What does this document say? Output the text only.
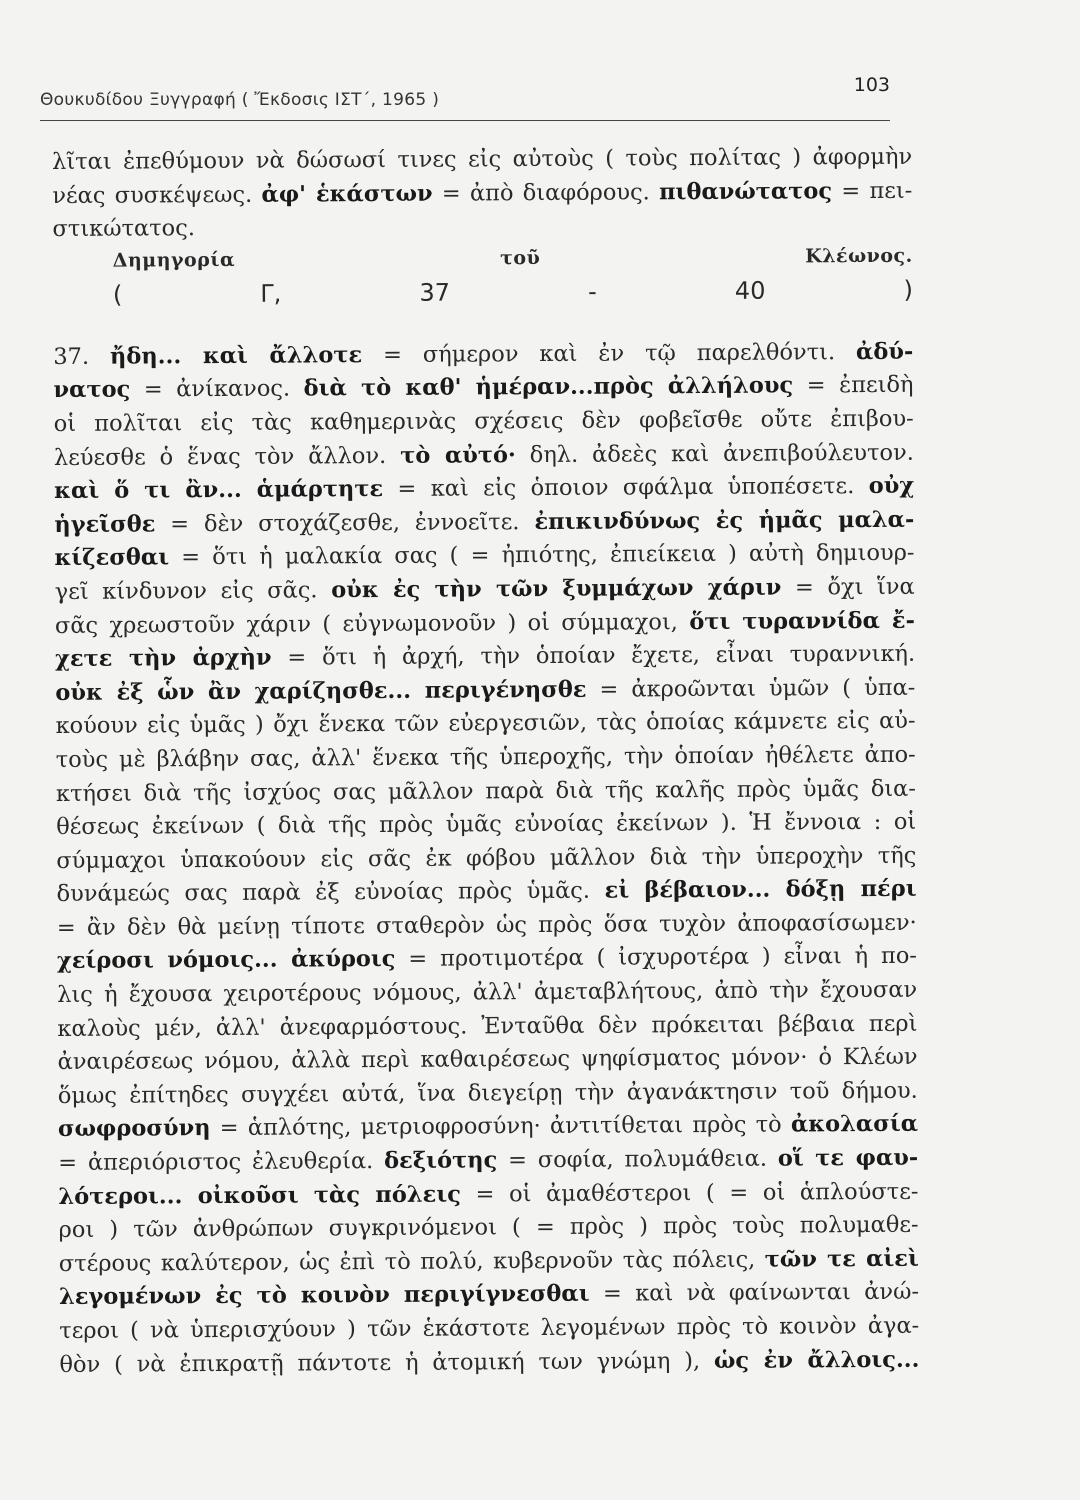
Θουκυδίδου Ξυγγραφή ( Ἔκδοσις ΙΣΤ΄, 1965 )
103
λῖται ἐπεθύμουν νὰ δώσωσί τινες εἰς αὐτοὺς ( τοὺς πολίτας ) ἀφορμὴν
νέας συσκέψεως. ἀφ' ἑκάστων = ἀπὸ διαφόρους. πιθανώτατος = πει-
στικώτατος.
Δημηγορία τοῦ Κλέωνος.
( Γ, 37 - 40 )
37. ἤδη... καὶ ἄλλοτε = σήμερον καὶ ἐν τῷ παρελθόντι. ἀδύ-
νατος = ἀνίκανος. διὰ τὸ καθ' ἡμέραν...πρὸς ἀλλήλους = ἐπειδὴ
οἱ πολῖται εἰς τὰς καθημερινὰς σχέσεις δὲν φοβεῖσθε οὔτε ἐπιβου-
λεύεσθε ὁ ἕνας τὸν ἄλλον. τὸ αὐτό· δηλ. ἀδεὲς καὶ ἀνεπιβούλευτον.
καὶ ὅ τι ἂν... ἁμάρτητε = καὶ εἰς ὁποιον σφάλμα ὑποπέσετε. οὐχ
ἡγεῖσθε = δὲν στοχάζεσθε, ἐννοεῖτε. ἐπικινδύνως ἐς ἡμᾶς μαλα-
κίζεσθαι = ὅτι ἡ μαλακία σας ( = ἠπιότης, ἐπιείκεια ) αὐτὴ δημιουρ-
γεῖ κίνδυνον εἰς σᾶς. οὐκ ἐς τὴν τῶν ξυμμάχων χάριν = ὄχι ἵνα
σᾶς χρεωστοῦν χάριν ( εὐγνωμονοῦν ) οἱ σύμμαχοι, ὅτι τυραννίδα ἔ-
χετε τὴν ἀρχὴν = ὅτι ἡ ἀρχή, τὴν ὁποίαν ἔχετε, εἶναι τυραννική.
οὐκ ἐξ ὧν ἂν χαρίζησθε... περιγένησθε = ἀκροῶνται ὑμῶν ( ὑπα-
κούουν εἰς ὑμᾶς ) ὄχι ἕνεκα τῶν εὐεργεσιῶν, τὰς ὁποίας κάμνετε εἰς αὐ-
τοὺς μὲ βλάβην σας, ἀλλ' ἕνεκα τῆς ὑπεροχῆς, τὴν ὁποίαν ἠθέλετε ἀπο-
κτήσει διὰ τῆς ἰσχύος σας μᾶλλον παρὰ διὰ τῆς καλῆς πρὸς ὑμᾶς δια-
θέσεως ἐκείνων ( διὰ τῆς πρὸς ὑμᾶς εὐνοίας ἐκείνων ). Ἡ ἔννοια : οἱ
σύμμαχοι ὑπακούουν εἰς σᾶς ἐκ φόβου μᾶλλον διὰ τὴν ὑπεροχὴν τῆς
δυνάμεώς σας παρὰ ἐξ εὐνοίας πρὸς ὑμᾶς. εἰ βέβαιον... δόξῃ πέρι
= ἂν δὲν θὰ μείνῃ τίποτε σταθερὸν ὡς πρὸς ὅσα τυχὸν ἀποφασίσωμεν·
χείροσι νόμοις... ἀκύροις = προτιμοτέρα ( ἰσχυροτέρα ) εἶναι ἡ πο-
λις ἡ ἔχουσα χειροτέρους νόμους, ἀλλ' ἀμεταβλήτους, ἀπὸ τὴν ἔχουσαν
καλοὺς μέν, ἀλλ' ἀνεφαρμόστους. Ἐνταῦθα δὲν πρόκειται βέβαια περὶ
ἀναιρέσεως νόμου, ἀλλὰ περὶ καθαιρέσεως ψηφίσματος μόνον· ὁ Κλέων
ὅμως ἐπίτηδες συγχέει αὐτά, ἵνα διεγείρῃ τὴν ἀγανάκτησιν τοῦ δήμου.
σωφροσύνη = ἁπλότης, μετριοφροσύνη· ἀντιτίθεται πρὸς τὸ ἀκολασία
= ἀπεριόριστος ἐλευθερία. δεξιότης = σοφία, πολυμάθεια. οἵ τε φαυ-
λότεροι... οἰκοῦσι τὰς πόλεις = οἱ ἀμαθέστεροι ( = οἱ ἁπλούστε-
ροι ) τῶν ἀνθρώπων συγκρινόμενοι ( = πρὸς ) πρὸς τοὺς πολυμαθε-
στέρους καλύτερον, ὡς ἐπὶ τὸ πολύ, κυβερνοῦν τὰς πόλεις, τῶν τε αἰεὶ
λεγομένων ἐς τὸ κοινὸν περιγίγνεσθαι = καὶ νὰ φαίνωνται ἀνώ-
τεροι ( νὰ ὑπερισχύουν ) τῶν ἑκάστοτε λεγομένων πρὸς τὸ κοινὸν ἀγα-
θὸν ( νὰ ἐπικρατῇ πάντοτε ἡ ἀτομική των γνώμη ), ὡς ἐν ἄλλοις...
